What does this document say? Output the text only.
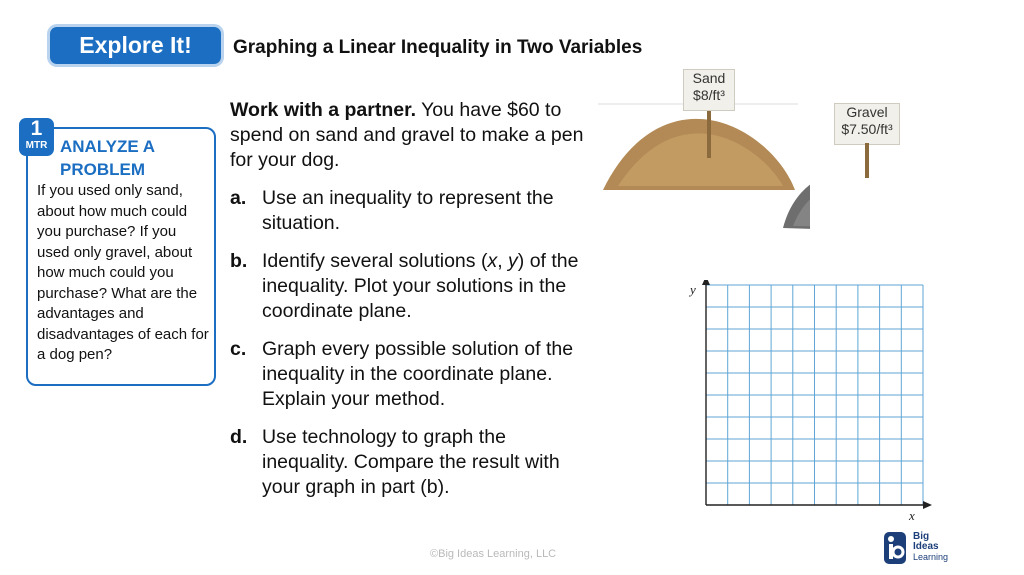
Explore It! Graphing a Linear Inequality in Two Variables
1
MTR ANALYZE A
PROBLEM
If you used only sand, about how much could you purchase? If you used only gravel, about how much could you purchase? What are the advantages and disadvantages of each for a dog pen?

Work with a partner. You have $60 to spend on sand and gravel to make a pen for your dog.

a. Use an inequality to represent the situation.
b. Identify several solutions (x, y) of the inequality. Plot your solutions in the coordinate plane.
c. Graph every possible solution of the inequality in the coordinate plane. Explain your method.
d. Use technology to graph the inequality. Compare the result with your graph in part (b).
Sand
$8/ft³
Gravel
$7.50/ft³
y
x
©Big Ideas Learning, LLC
Big
Ideas
Learning
